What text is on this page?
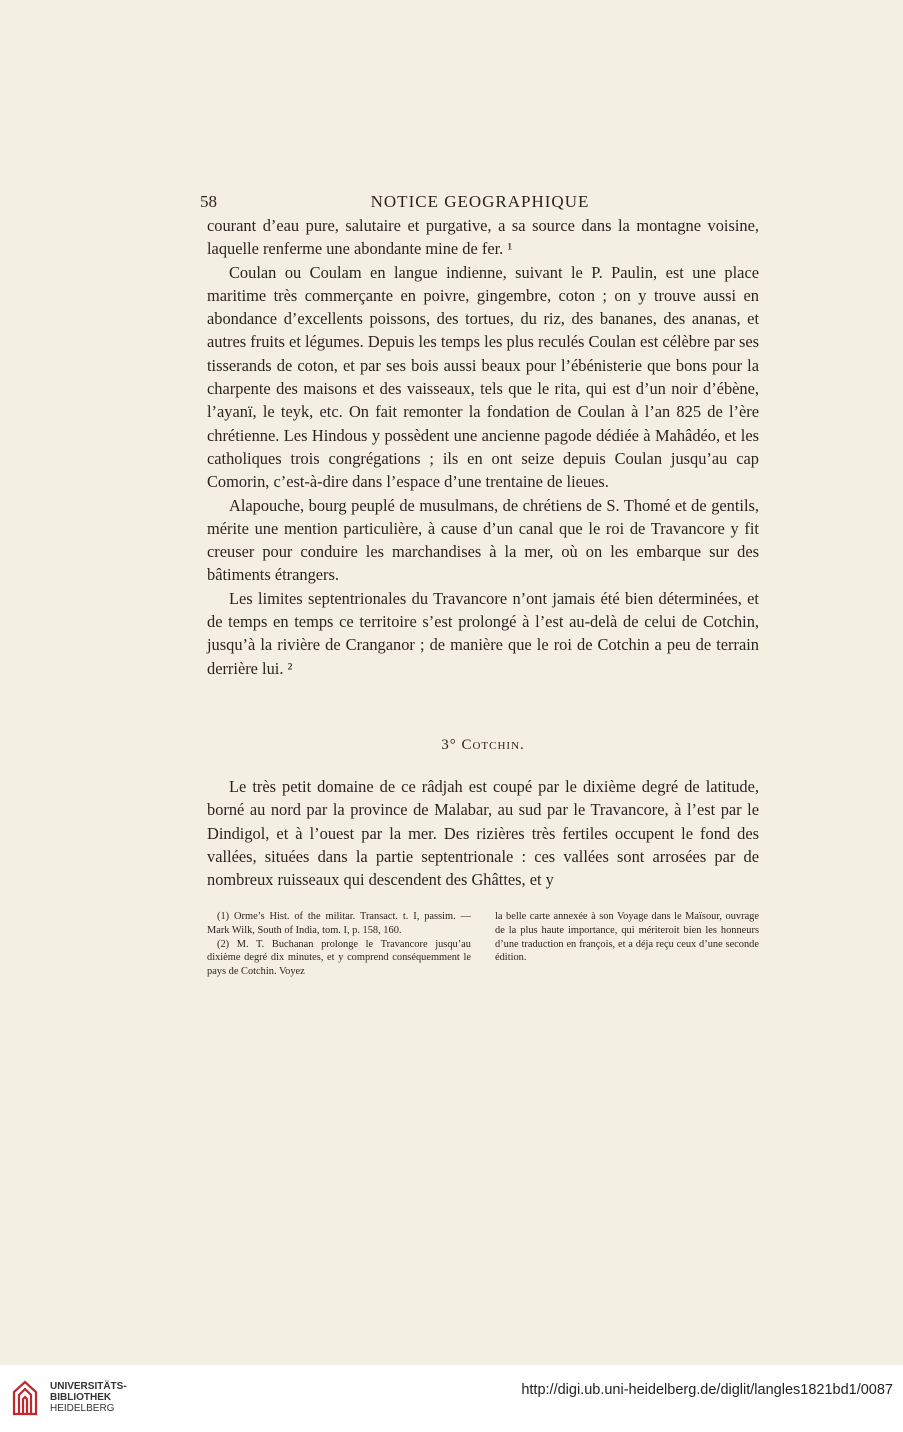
58	NOTICE GEOGRAPHIQUE

courant d’eau pure, salutaire et purgative, a sa source dans la montagne voisine, laquelle renferme une abondante mine de fer. ¹

Coulan ou Coulam en langue indienne, suivant le P. Paulin, est une place maritime très commerçante en poivre, gingembre, coton ; on y trouve aussi en abondance d’excellents poissons, des tortues, du riz, des bananes, des ananas, et autres fruits et légumes. Depuis les temps les plus reculés Coulan est célèbre par ses tisserands de coton, et par ses bois aussi beaux pour l’ébénisterie que bons pour la charpente des maisons et des vaisseaux, tels que le rita, qui est d’un noir d’ébène, l’ayanï, le teyk, etc. On fait remonter la fondation de Coulan à l’an 825 de l’ère chrétienne. Les Hindous y possèdent une ancienne pagode dédiée à Mahâdéo, et les catholiques trois congrégations ; ils en ont seize depuis Coulan jusqu’au cap Comorin, c’est-à-dire dans l’espace d’une trentaine de lieues.

Alapouche, bourg peuplé de musulmans, de chrétiens de S. Thomé et de gentils, mérite une mention particulière, à cause d’un canal que le roi de Travancore y fit creuser pour conduire les marchandises à la mer, où on les embarque sur des bâtiments étrangers.

Les limites septentrionales du Travancore n’ont jamais été bien déterminées, et de temps en temps ce territoire s’est prolongé à l’est au-delà de celui de Cotchin, jusqu’à la rivière de Cranganor ; de manière que le roi de Cotchin a peu de terrain derrière lui. ²

3° Cotchin.

Le très petit domaine de ce râdjah est coupé par le dixième degré de latitude, borné au nord par la province de Malabar, au sud par le Travancore, à l’est par le Dindigol, et à l’ouest par la mer. Des rizières très fertiles occupent le fond des vallées, situées dans la partie septentrionale : ces vallées sont arrosées par de nombreux ruisseaux qui descendent des Ghâttes, et y

(1) Orme’s Hist. of the militar. Transact. t. I, passim. — Mark Wilk, South of India, tom. I, p. 158, 160.

(2) M. T. Buchanan prolonge le Travancore jusqu’au dixième degré dix minutes, et y comprend conséquemment le pays de Cotchin. Voyez

la belle carte annexée à son Voyage dans le Maïsour, ouvrage de la plus haute importance, qui mériteroit bien les honneurs d’une traduction en françois, et a déja reçu ceux d’une seconde édition.

UNIVERSITÄTS-
BIBLIOTHEK
HEIDELBERG
http://digi.ub.uni-heidelberg.de/diglit/langles1821bd1/0087
